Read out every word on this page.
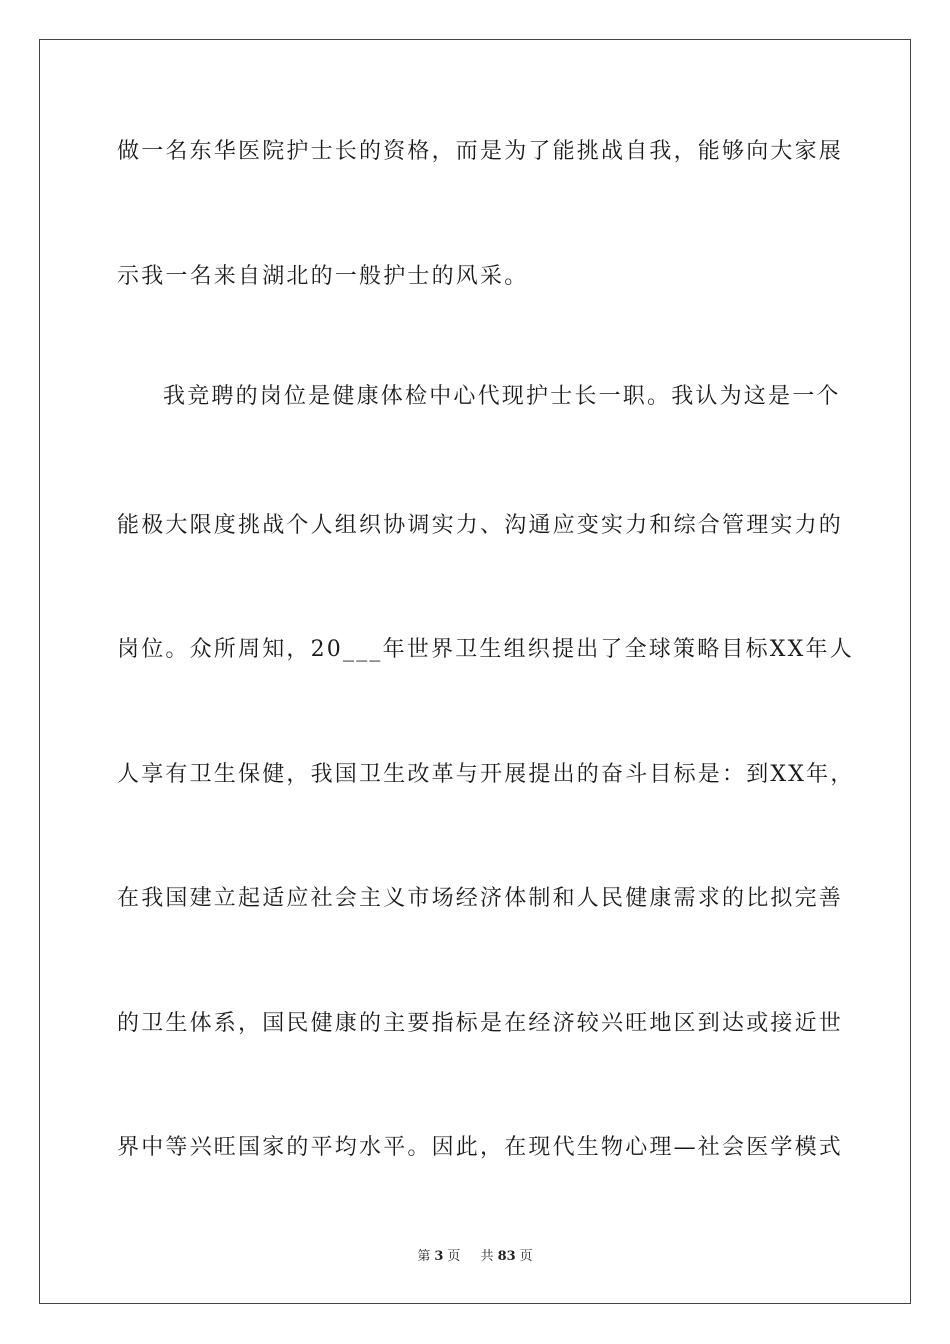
做一名东华医院护士长的资格，而是为了能挑战自我，能够向大家展
示我一名来自湖北的一般护士的风采。
我竞聘的岗位是健康体检中心代现护士长一职。我认为这是一个
能极大限度挑战个人组织协调实力、沟通应变实力和综合管理实力的
岗位。众所周知，20___年世界卫生组织提出了全球策略目标XX年人
人享有卫生保健，我国卫生改革与开展提出的奋斗目标是：到XX年，
在我国建立起适应社会主义市场经济体制和人民健康需求的比拟完善
的卫生体系，国民健康的主要指标是在经济较兴旺地区到达或接近世
界中等兴旺国家的平均水平。因此，在现代生物心理—社会医学模式
第 3 页 共 83 页
